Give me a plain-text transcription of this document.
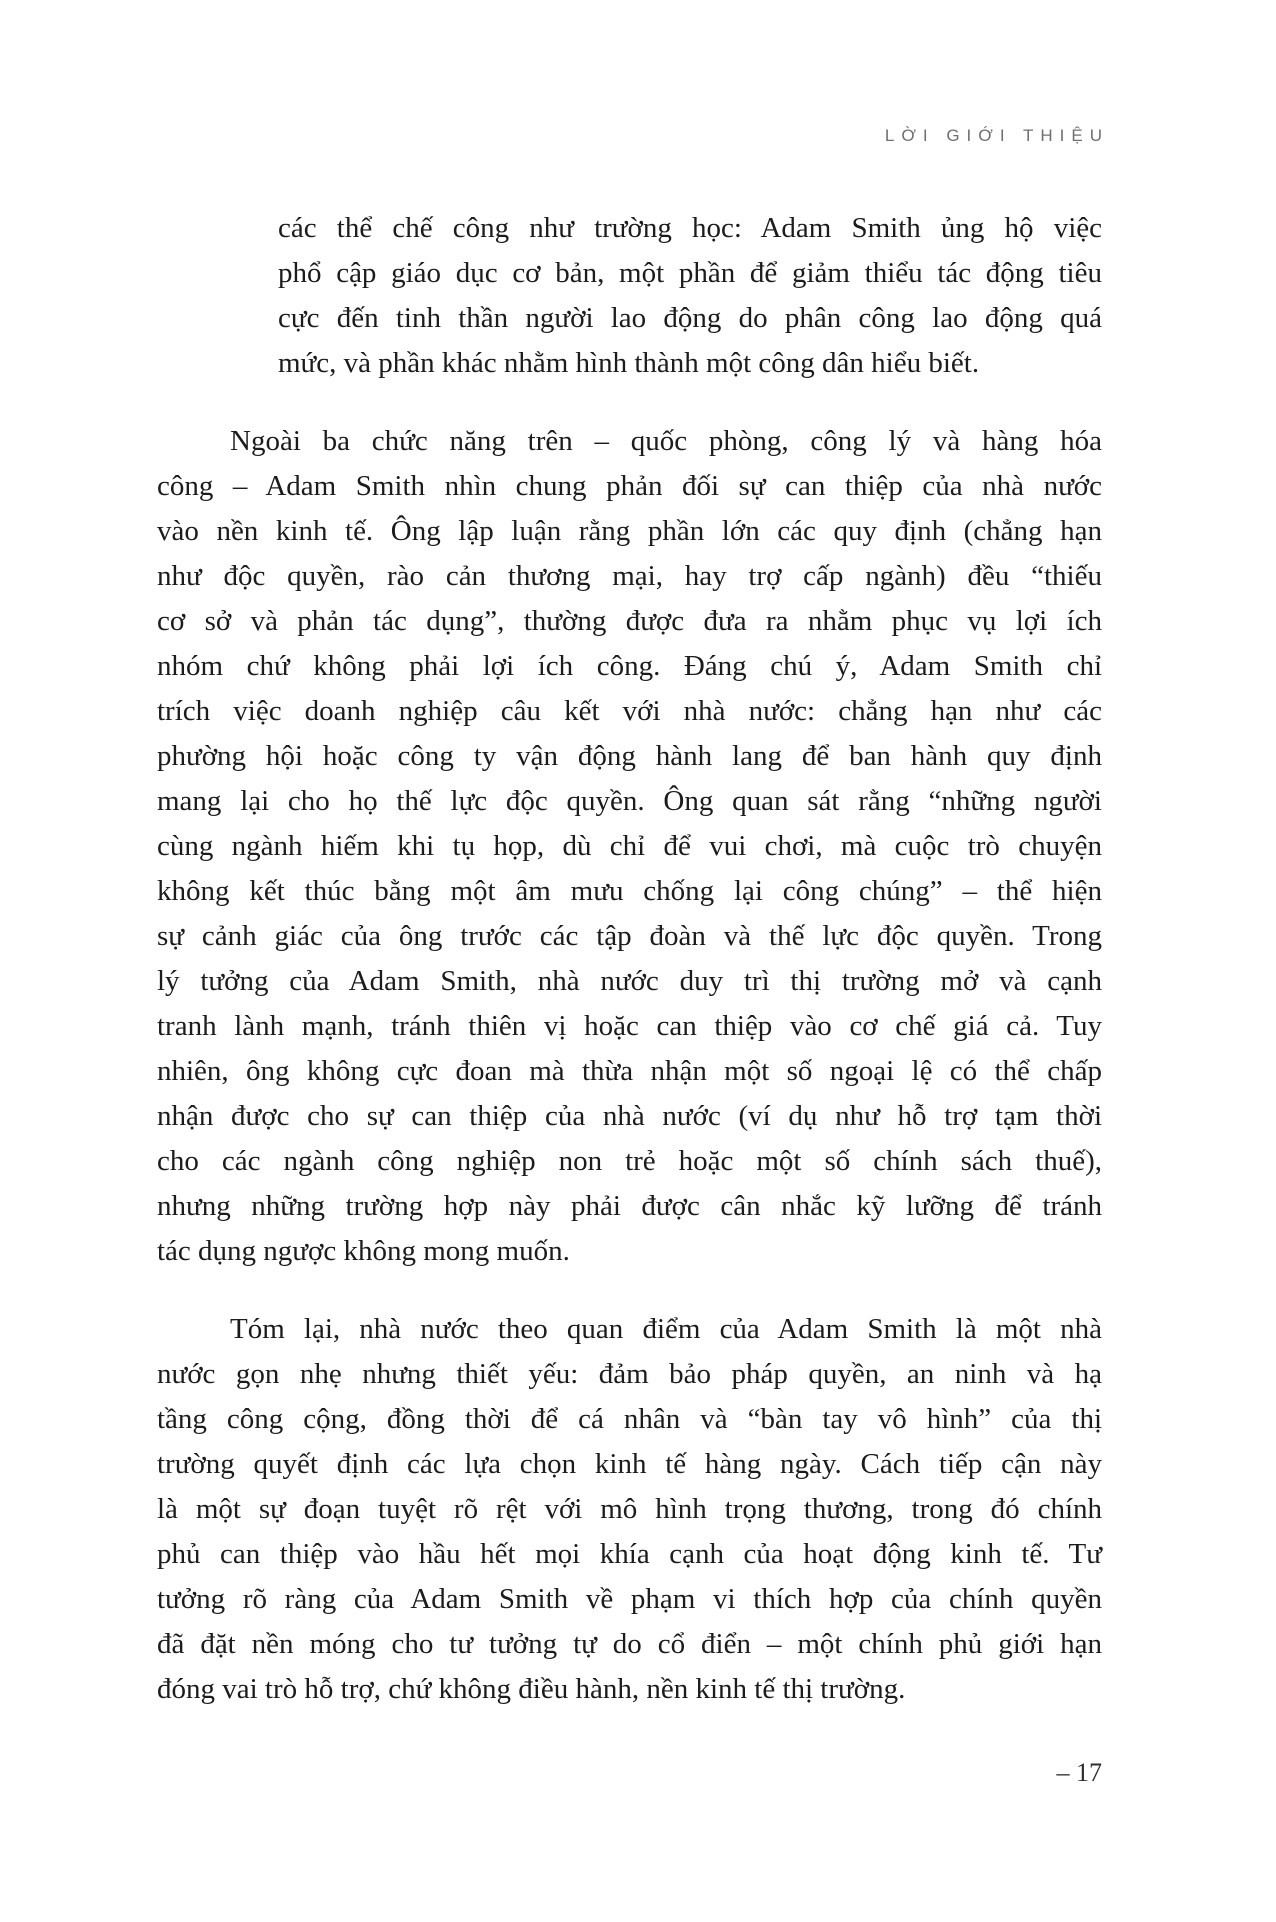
LỜI GIỚI THIỆU
các thể chế công như trường học: Adam Smith ủng hộ việc
phổ cập giáo dục cơ bản, một phần để giảm thiểu tác động tiêu
cực đến tinh thần người lao động do phân công lao động quá
mức, và phần khác nhằm hình thành một công dân hiểu biết.
Ngoài ba chức năng trên – quốc phòng, công lý và hàng hóa
công – Adam Smith nhìn chung phản đối sự can thiệp của nhà nước
vào nền kinh tế. Ông lập luận rằng phần lớn các quy định (chẳng hạn
như độc quyền, rào cản thương mại, hay trợ cấp ngành) đều “thiếu
cơ sở và phản tác dụng”, thường được đưa ra nhằm phục vụ lợi ích
nhóm chứ không phải lợi ích công. Đáng chú ý, Adam Smith chỉ
trích việc doanh nghiệp câu kết với nhà nước: chẳng hạn như các
phường hội hoặc công ty vận động hành lang để ban hành quy định
mang lại cho họ thế lực độc quyền. Ông quan sát rằng “những người
cùng ngành hiếm khi tụ họp, dù chỉ để vui chơi, mà cuộc trò chuyện
không kết thúc bằng một âm mưu chống lại công chúng” – thể hiện
sự cảnh giác của ông trước các tập đoàn và thế lực độc quyền. Trong
lý tưởng của Adam Smith, nhà nước duy trì thị trường mở và cạnh
tranh lành mạnh, tránh thiên vị hoặc can thiệp vào cơ chế giá cả. Tuy
nhiên, ông không cực đoan mà thừa nhận một số ngoại lệ có thể chấp
nhận được cho sự can thiệp của nhà nước (ví dụ như hỗ trợ tạm thời
cho các ngành công nghiệp non trẻ hoặc một số chính sách thuế),
nhưng những trường hợp này phải được cân nhắc kỹ lưỡng để tránh
tác dụng ngược không mong muốn.
Tóm lại, nhà nước theo quan điểm của Adam Smith là một nhà
nước gọn nhẹ nhưng thiết yếu: đảm bảo pháp quyền, an ninh và hạ
tầng công cộng, đồng thời để cá nhân và “bàn tay vô hình” của thị
trường quyết định các lựa chọn kinh tế hàng ngày. Cách tiếp cận này
là một sự đoạn tuyệt rõ rệt với mô hình trọng thương, trong đó chính
phủ can thiệp vào hầu hết mọi khía cạnh của hoạt động kinh tế. Tư
tưởng rõ ràng của Adam Smith về phạm vi thích hợp của chính quyền
đã đặt nền móng cho tư tưởng tự do cổ điển – một chính phủ giới hạn
đóng vai trò hỗ trợ, chứ không điều hành, nền kinh tế thị trường.
– 17
